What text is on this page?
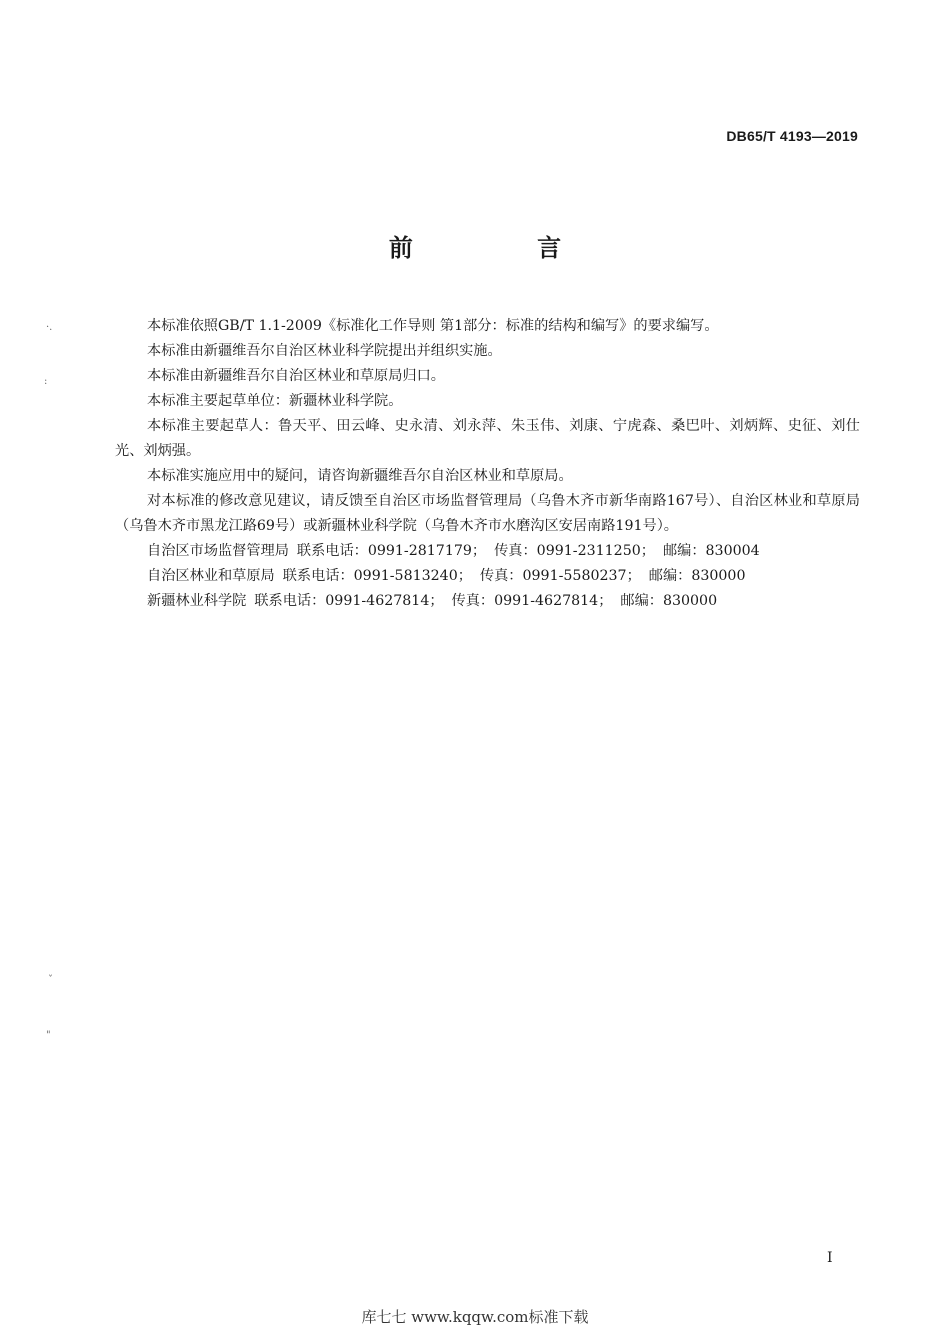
DB65/T 4193—2019
前 言

本标准依照GB/T 1.1-2009《标准化工作导则 第1部分：标准的结构和编写》的要求编写。

本标准由新疆维吾尔自治区林业科学院提出并组织实施。

本标准由新疆维吾尔自治区林业和草原局归口。

本标准主要起草单位：新疆林业科学院。

本标准主要起草人：鲁天平、田云峰、史永清、刘永萍、朱玉伟、刘康、宁虎森、桑巴叶、刘炳辉、史征、刘仕光、刘炳强。

本标准实施应用中的疑问，请咨询新疆维吾尔自治区林业和草原局。

对本标准的修改意见建议，请反馈至自治区市场监督管理局（乌鲁木齐市新华南路167号）、自治区林业和草原局（乌鲁木齐市黑龙江路69号）或新疆林业科学院（乌鲁木齐市水磨沟区安居南路191号）。

自治区市场监督管理局 联系电话：0991-2817179； 传真：0991-2311250； 邮编：830004

自治区林业和草原局 联系电话：0991-5813240； 传真：0991-5580237； 邮编：830000

新疆林业科学院 联系电话：0991-4627814； 传真：0991-4627814； 邮编：830000

·.
:
ˇ
"
I
库七七 www.kqqw.com标准下载
